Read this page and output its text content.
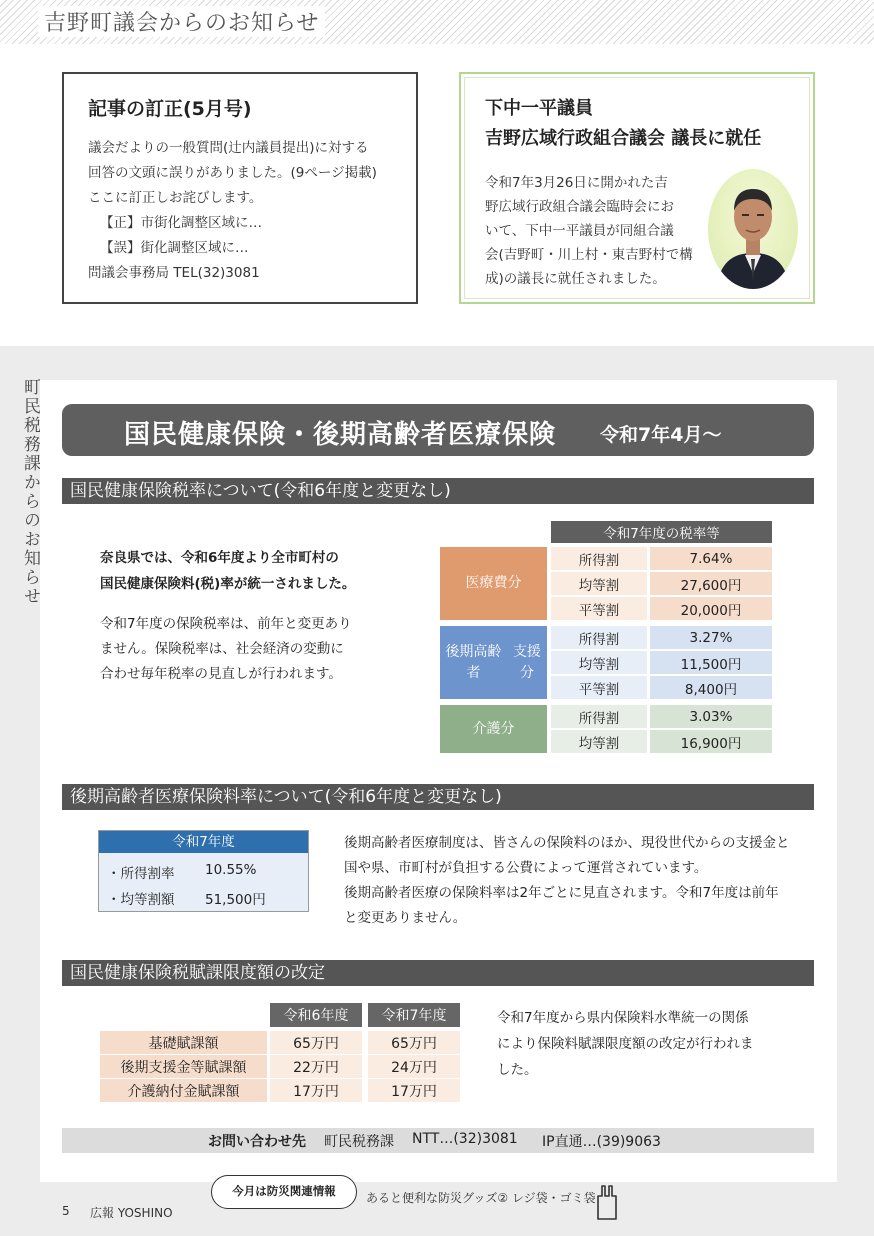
吉野町議会からのお知らせ
記事の訂正(5月号)
議会だよりの一般質問(辻内議員提出)に対する
回答の文頭に誤りがありました。(9ページ掲載)
ここに訂正しお詫びします。
【正】市街化調整区域に…
【誤】街化調整区域に…
問議会事務局 TEL(32)3081
下中一平議員
吉野広域行政組合議会 議長に就任
令和7年3月26日に開かれた吉
野広域行政組合議会臨時会にお
いて、下中一平議員が同組合議
会(吉野町・川上村・東吉野村で構
成)の議長に就任されました。
町民税務課からのお知らせ	国民健康保険・後期高齢者医療保険 令和7年4月〜
国民健康保険税率について(令和6年度と変更なし)
奈良県では、令和6年度より全市町村の
国民健康保険料(税)率が統一されました。
令和7年度の保険税率は、前年と変更あり
ません。保険税率は、社会経済の変動に
合わせ毎年税率の見直しが行われます。
令和7年度の税率等
医療費分
所得割	7.64%
均等割	27,600円
平等割	20,000円
後期高齢者
支援分
所得割	3.27%
均等割	11,500円
平等割	8,400円
介護分
所得割	3.03%
均等割	16,900円
後期高齢者医療保険料率について(令和6年度と変更なし)
令和7年度
・所得割率 10.55%
・均等割額 51,500円
後期高齢者医療制度は、皆さんの保険料のほか、現役世代からの支援金と
国や県、市町村が負担する公費によって運営されています。
後期高齢者医療の保険料率は2年ごとに見直されます。令和7年度は前年
と変更ありません。
国民健康保険税賦課限度額の改定
令和6年度	令和7年度
基礎賦課額	65万円	65万円
後期支援金等賦課額	22万円	24万円
介護納付金賦課額	17万円	17万円
令和7年度から県内保険料水準統一の関係
により保険料賦課限度額の改定が行われま
した。
お問い合わせ先 町民税務課 NTT…(32)3081 IP直通…(39)9063
5 広報 YOSHINO
今月は防災関連情報	あると便利な防災グッズ② レジ袋・ゴミ袋
